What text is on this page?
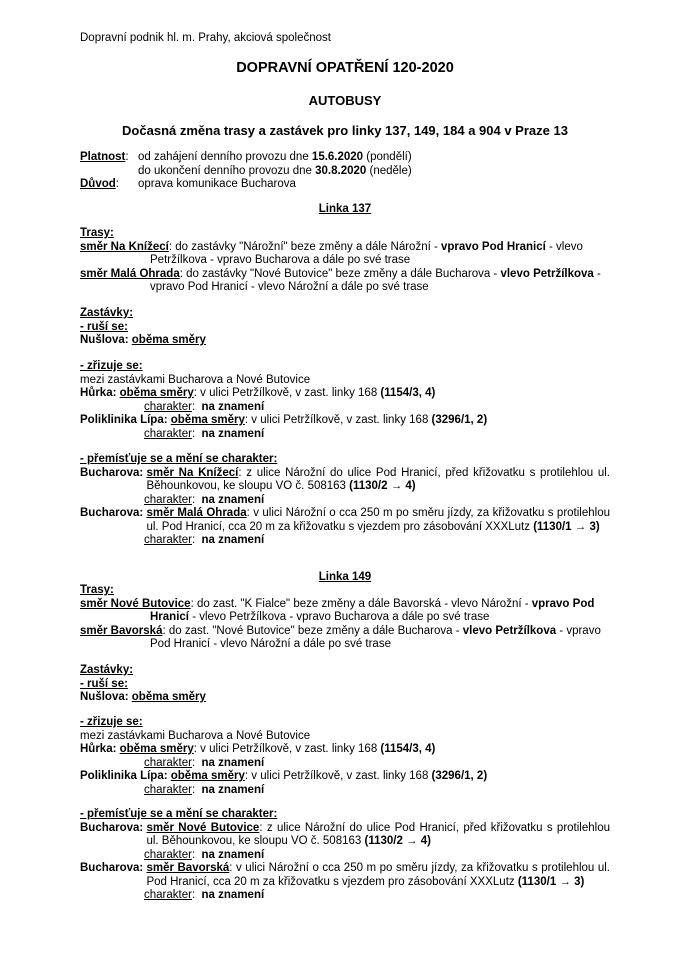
Dopravní podnik hl. m. Prahy, akciová společnost
DOPRAVNÍ OPATŘENÍ 120-2020
AUTOBUSY
Dočasná změna trasy a zastávek pro linky 137, 149, 184 a 904 v Praze 13
Platnost: od zahájení denního provozu dne 15.6.2020 (pondělí)
do ukončení denního provozu dne 30.8.2020 (neděle)
Důvod:	oprava komunikace Bucharova
Linka 137
Trasy:
směr Na Knížecí: do zastávky "Nárožní" beze změny a dále Nárožní - vpravo Pod Hranicí - vlevo
Petržílkova - vpravo Bucharova a dále po své trase
směr Malá Ohrada: do zastávky "Nové Butovice" beze změny a dále Bucharova - vlevo Petržílkova -
vpravo Pod Hranicí - vlevo Nárožní a dále po své trase
Zastávky:
- ruší se:
Nušlova: oběma směry
- zřizuje se:
mezi zastávkami Bucharova a Nové Butovice
Hůrka: oběma směry: v ulici Petržílkově, v zast. linky 168 (1154/3, 4)
charakter:  na znamení
Poliklinika Lípa: oběma směry: v ulici Petržílkově, v zast. linky 168 (3296/1, 2)
charakter:  na znamení
- přemísťuje se a mění se charakter:
Bucharova: směr Na Knížecí: z ulice Nárožní do ulice Pod Hranicí, před křižovatku s protilehlou ul. Běhounkovou, ke sloupu VO č. 508163 (1130/2 → 4)
charakter:  na znamení
Bucharova: směr Malá Ohrada: v ulici Nárožní o cca 250 m po směru jízdy, za křižovatku s protilehlou ul. Pod Hranicí, cca 20 m za křižovatku s vjezdem pro zásobování XXXLutz (1130/1 → 3)
charakter:  na znamení
Linka 149
Trasy:
směr Nové Butovice: do zast. "K Fialce" beze změny a dále Bavorská - vlevo Nárožní - vpravo Pod
Hranicí - vlevo Petržílkova - vpravo Bucharova a dále po své trase
směr Bavorská: do zast. "Nové Butovice" beze změny a dále Bucharova - vlevo Petržílkova - vpravo
Pod Hranicí - vlevo Nárožní a dále po své trase
Zastávky:
- ruší se:
Nušlova: oběma směry
- zřizuje se:
mezi zastávkami Bucharova a Nové Butovice
Hůrka: oběma směry: v ulici Petržílkově, v zast. linky 168 (1154/3, 4)
charakter:  na znamení
Poliklinika Lípa: oběma směry: v ulici Petržílkově, v zast. linky 168 (3296/1, 2)
charakter:  na znamení
- přemísťuje se a mění se charakter:
Bucharova: směr Nové Butovice: z ulice Nárožní do ulice Pod Hranicí, před křižovatku s protilehlou ul. Běhounkovou, ke sloupu VO č. 508163 (1130/2 → 4)
charakter:  na znamení
Bucharova: směr Bavorská: v ulici Nárožní o cca 250 m po směru jízdy, za křižovatku s protilehlou ul. Pod Hranicí, cca 20 m za křižovatku s vjezdem pro zásobování XXXLutz (1130/1 → 3)
charakter:  na znamení
